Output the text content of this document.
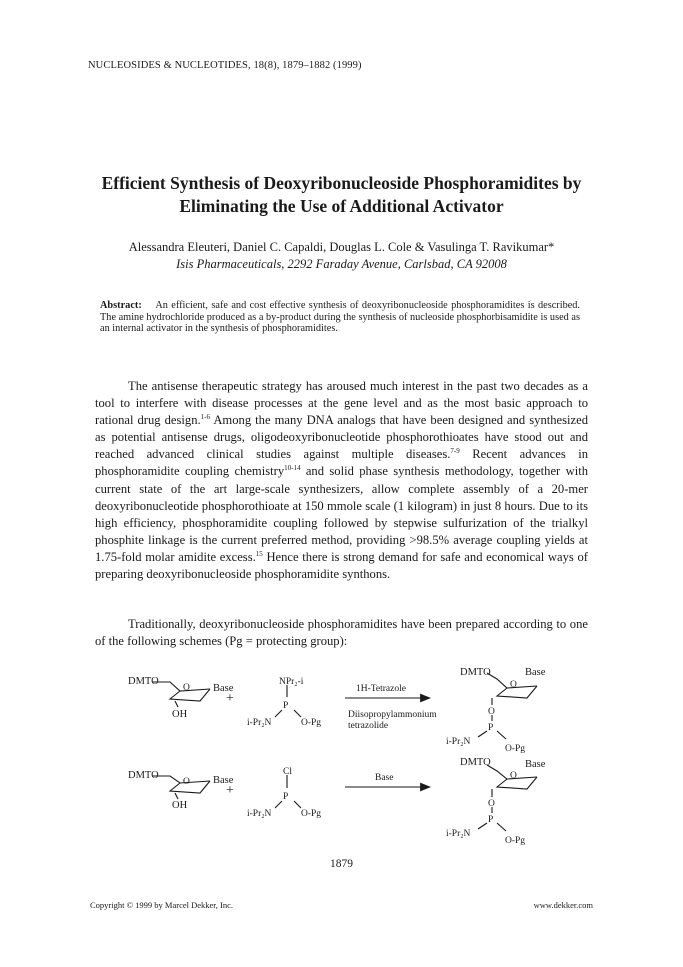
NUCLEOSIDES & NUCLEOTIDES, 18(8), 1879–1882 (1999)
Efficient Synthesis of Deoxyribonucleoside Phosphoramidites by
Eliminating the Use of Additional Activator
Alessandra Eleuteri, Daniel C. Capaldi, Douglas L. Cole & Vasulinga T. Ravikumar*
Isis Pharmaceuticals, 2292 Faraday Avenue, Carlsbad, CA 92008
Abstract: An efficient, safe and cost effective synthesis of deoxyribonucleoside phosphoramidites is described. The amine hydrochloride produced as a by-product during the synthesis of nucleoside phosphorbisamidite is used as an internal activator in the synthesis of phosphoramidites.

The antisense therapeutic strategy has aroused much interest in the past two decades as a tool to interfere with disease processes at the gene level and as the most basic approach to rational drug design.$^{1-6}$ Among the many DNA analogs that have been designed and synthesized as potential antisense drugs, oligodeoxyribonucleotide phosphorothioates have stood out and reached advanced clinical studies against multiple diseases.$^{7-9}$ Recent advances in phosphoramidite coupling chemistry$^{10-14}$ and solid phase synthesis methodology, together with current state of the art large-scale synthesizers, allow complete assembly of a 20-mer deoxyribonucleotide phosphorothioate at 150 mmole scale (1 kilogram) in just 8 hours. Due to its high efficiency, phosphoramidite coupling followed by stepwise sulfurization of the trialkyl phosphite linkage is the current preferred method, providing >98.5% average coupling yields at 1.75-fold molar amidite excess.$^{15}$ Hence there is strong demand for safe and economical ways of preparing deoxyribonucleoside phosphoramidite synthons.

Traditionally, deoxyribonucleoside phosphoramidites have been prepared according to one of the following schemes (Pg = protecting group):

DMTO
O Base
OH
+
NPr₂-i
P
i-Pr₂N	O-Pg
1H-Tetrazole
Diisopropylammonium
tetrazolide
DMTO
O
Base
O
P
i-Pr₂N
O-Pg
DMTO
O Base
OH
+
Cl
P
i-Pr₂N	O-Pg
Base
DMTO
O
Base
O
P
i-Pr₂N
O-Pg
1879
Copyright © 1999 by Marcel Dekker, Inc.	www.dekker.com
